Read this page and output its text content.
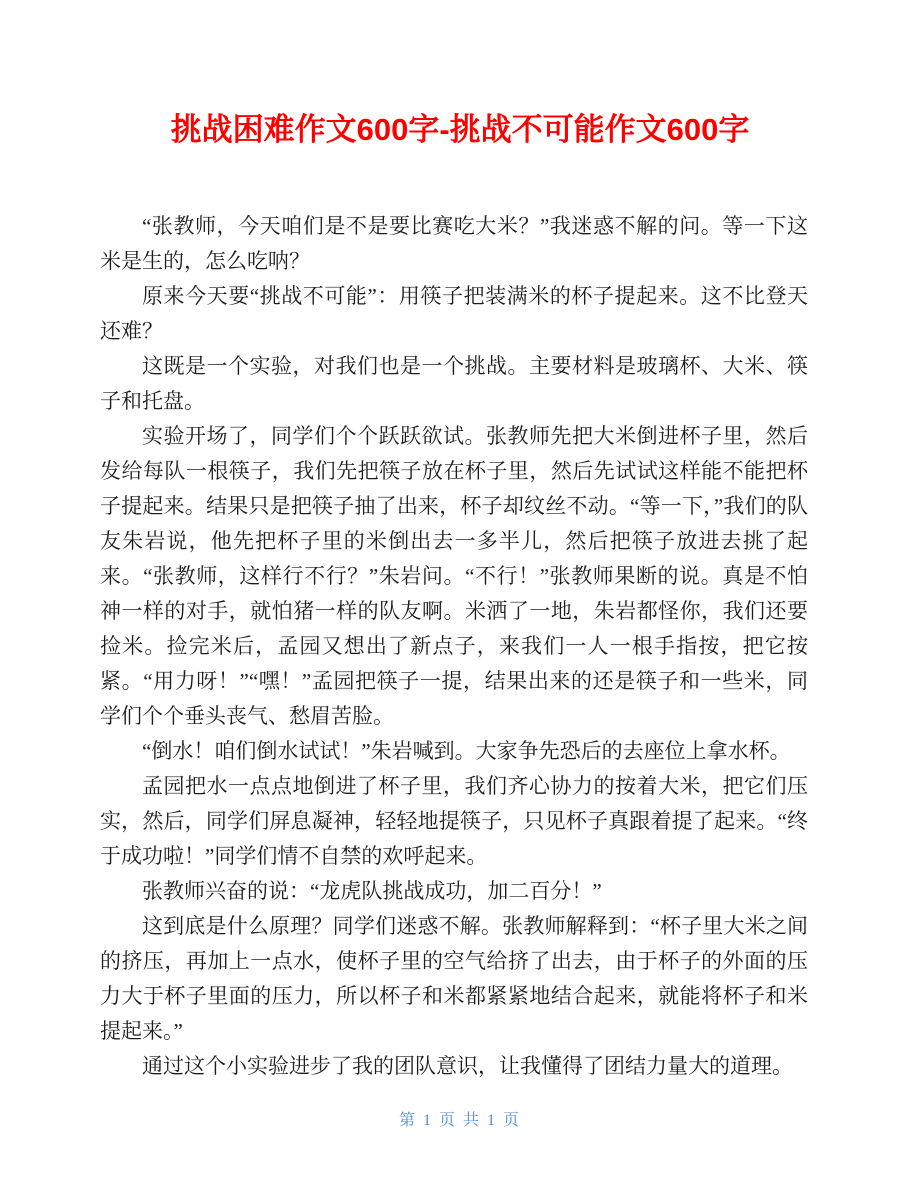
挑战困难作文600字-挑战不可能作文600字

“张教师，今天咱们是不是要比赛吃大米？”我迷惑不解的问。等一下这米是生的，怎么吃呐？

原来今天要“挑战不可能”：用筷子把装满米的杯子提起来。这不比登天还难？

这既是一个实验，对我们也是一个挑战。主要材料是玻璃杯、大米、筷子和托盘。

实验开场了，同学们个个跃跃欲试。张教师先把大米倒进杯子里，然后发给每队一根筷子，我们先把筷子放在杯子里，然后先试试这样能不能把杯子提起来。结果只是把筷子抽了出来，杯子却纹丝不动。“等一下，”我们的队友朱岩说，他先把杯子里的米倒出去一多半儿，然后把筷子放进去挑了起来。“张教师，这样行不行？”朱岩问。“不行！”张教师果断的说。真是不怕神一样的对手，就怕猪一样的队友啊。米洒了一地，朱岩都怪你，我们还要捡米。捡完米后，孟园又想出了新点子，来我们一人一根手指按，把它按紧。“用力呀！”“嘿！”孟园把筷子一提，结果出来的还是筷子和一些米，同学们个个垂头丧气、愁眉苦脸。

“倒水！咱们倒水试试！”朱岩喊到。大家争先恐后的去座位上拿水杯。

孟园把水一点点地倒进了杯子里，我们齐心协力的按着大米，把它们压实，然后，同学们屏息凝神，轻轻地提筷子，只见杯子真跟着提了起来。“终于成功啦！”同学们情不自禁的欢呼起来。

张教师兴奋的说：“龙虎队挑战成功，加二百分！”

这到底是什么原理？同学们迷惑不解。张教师解释到：“杯子里大米之间的挤压，再加上一点水，使杯子里的空气给挤了出去，由于杯子的外面的压力大于杯子里面的压力，所以杯子和米都紧紧地结合起来，就能将杯子和米提起来。”

通过这个小实验进步了我的团队意识，让我懂得了团结力量大的道理。

第 1 页 共 1 页
